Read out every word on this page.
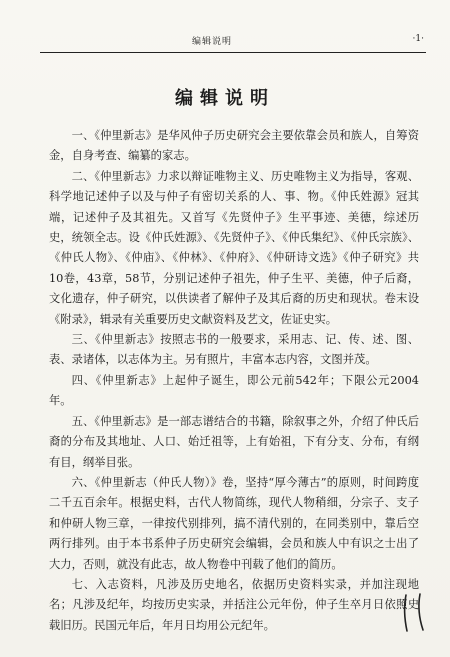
编辑说明	·1·
编辑说明

一、《仲里新志》是华风仲子历史研究会主要依靠会员和族人，自筹资金，自身考查、编纂的家志。

二、《仲里新志》力求以辩证唯物主义、历史唯物主义为指导，客观、科学地记述仲子以及与仲子有密切关系的人、事、物。《仲氏姓源》冠其端，记述仲子及其祖先。又首写《先贤仲子》生平事迹、美德，综述历史，统领全志。设《仲氏姓源》、《先贤仲子》、《仲氏集纪》、《仲氏宗族》、《仲氏人物》、《仲庙》、《仲林》、《仲府》、《仲研诗文选》《仲子研究》共10卷，43章，58节，分别记述仲子祖先，仲子生平、美德，仲子后裔，文化遗存，仲子研究，以供读者了解仲子及其后裔的历史和现状。卷末设《附录》，辑录有关重要历史文献资料及艺文，佐证史实。

三、《仲里新志》按照志书的一般要求，采用志、记、传、述、图、表、录诸体，以志体为主。另有照片，丰富本志内容，文图并茂。

四、《仲里新志》上起仲子诞生，即公元前542年；下限公元2004年。

五、《仲里新志》是一部志谱结合的书籍，除叙事之外，介绍了仲氏后裔的分布及其地址、人口、始迁祖等，上有始祖，下有分支、分布，有纲有目，纲举目张。

六、《仲里新志（仲氏人物）》卷，坚持“厚今薄古”的原则，时间跨度二千五百余年。根据史料，古代人物简练，现代人物稍细，分宗子、支子和仲研人物三章，一律按代别排列，搞不清代别的，在同类别中，靠后空两行排列。由于本书系仲子历史研究会编辑，会员和族人中有识之士出了大力，否则，就没有此志，故人物卷中刊载了他们的简历。

七、入志资料，凡涉及历史地名，依据历史资料实录，并加注现地名；凡涉及纪年，均按历史实录，并括注公元年份，仲子生卒月日依照史载旧历。民国元年后，年月日均用公元纪年。
